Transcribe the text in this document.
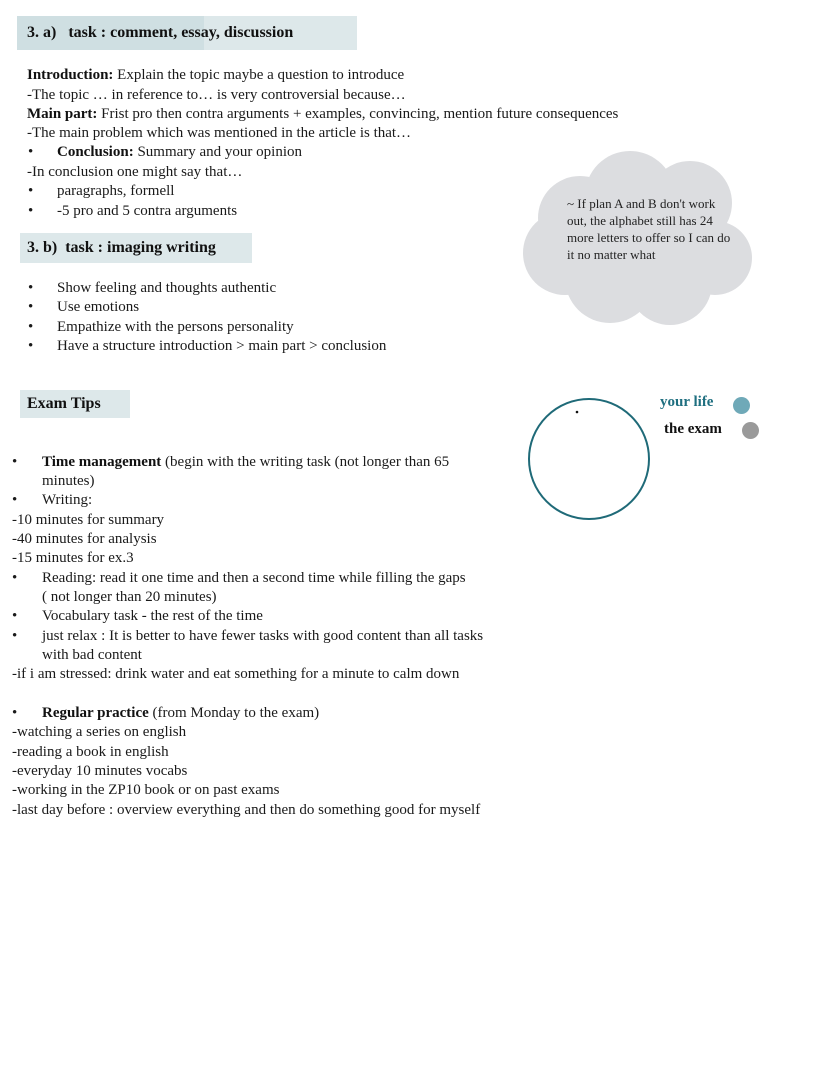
3. a)   task : comment, essay, discussion
Introduction: Explain the topic maybe a question to introduce
-The topic … in reference to… is very controversial because…
Main part: Frist pro then contra arguments + examples, convincing, mention future consequences
-The main problem which was mentioned in the article is that…
• Conclusion: Summary and your opinion
-In conclusion one might say that…
• paragraphs, formell
• -5 pro and 5 contra arguments
3. b)  task : imaging writing
• Show feeling and thoughts authentic
• Use emotions
• Empathize with the persons personality
• Have a structure introduction > main part > conclusion
~ If plan A and B don't work out, the alphabet still has 24 more letters to offer so I can do it no matter what
Exam Tips
• Time management (begin with the writing task (not longer than 65
minutes)
• Writing:
-10 minutes for summary
-40 minutes for analysis
-15 minutes for ex.3
• Reading: read it one time and then a second time while filling the gaps
( not longer than 20 minutes)
• Vocabulary task - the rest of the time
• just relax : It is better to have fewer tasks with good content than all tasks
with bad content
-if i am stressed: drink water and eat something for a minute to calm down
• Regular practice (from Monday to the exam)
-watching a series on english
-reading a book in english
-everyday 10 minutes vocabs
-working in the ZP10 book or on past exams
-last day before : overview everything and then do something good for myself
your life
the exam
